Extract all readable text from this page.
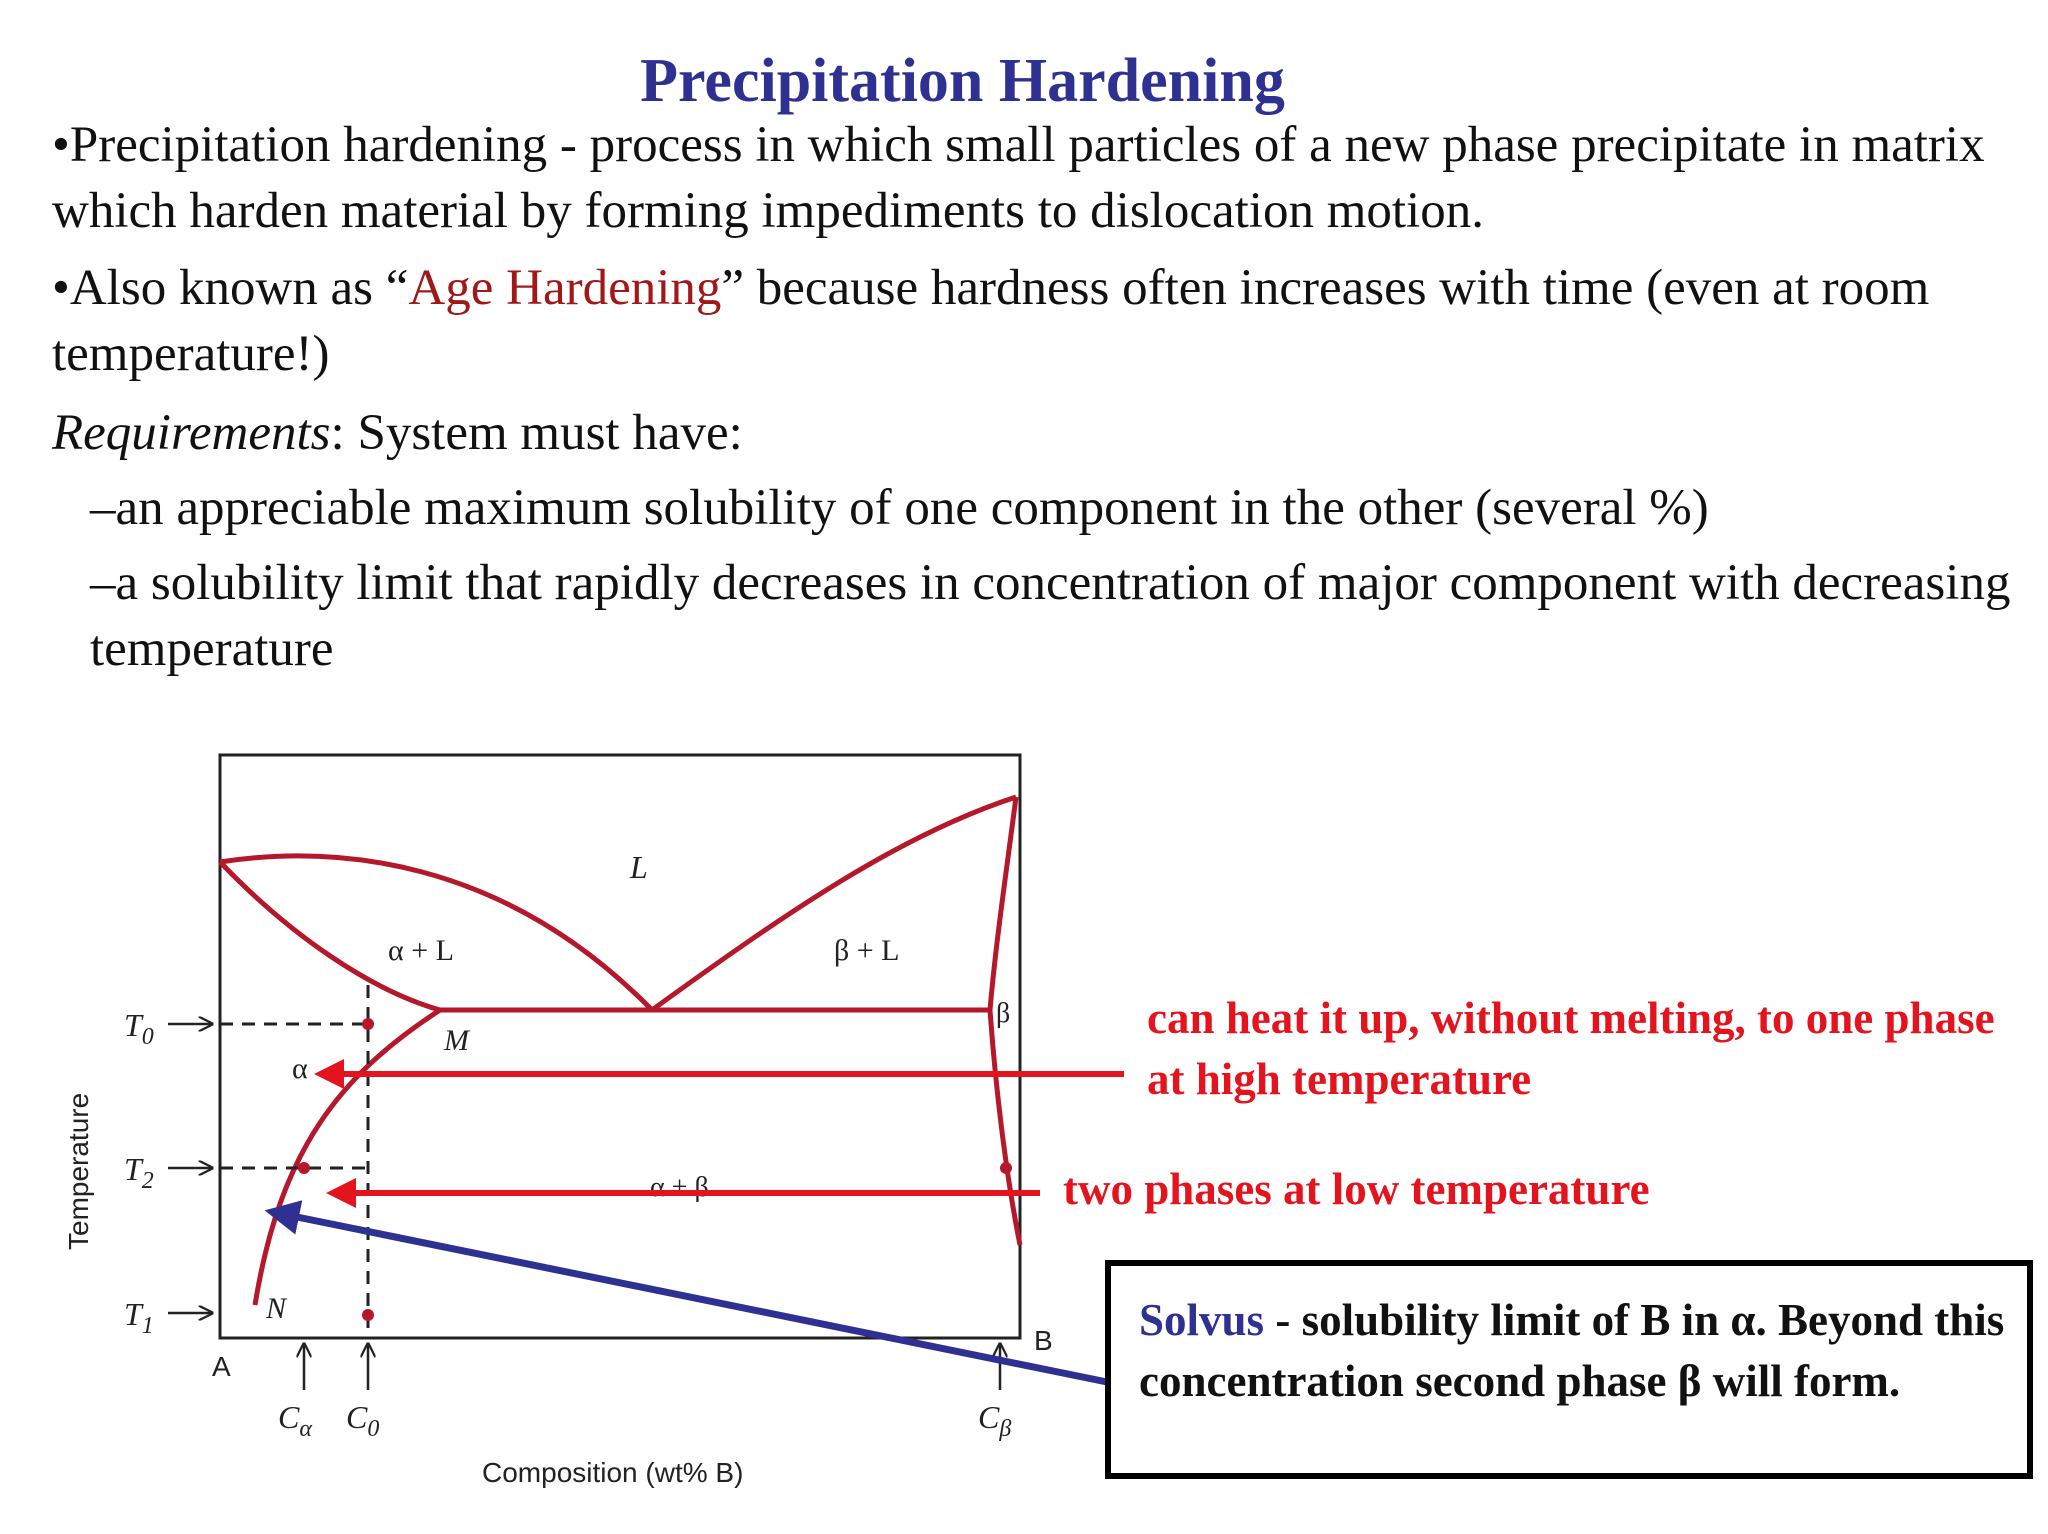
Precipitation Hardening

•Precipitation hardening - process in which small particles of a new phase precipitate in matrix which harden material by forming impediments to dislocation motion.

•Also known as “Age Hardening” because hardness often increases with time (even at room temperature!)

Requirements: System must have:

–an appreciable maximum solubility of one component in the other (several %)

–a solubility limit that rapidly decreases in concentration of major component with decreasing temperature

$T_0$
$T_2$
$T_1$
$C_\alpha$ $C_0$	$C_\beta$
A
B
L
α + L	β + L
α
β
α + β
M
N
Temperature
Composition (wt% B)
can heat it up, without melting, to one phase at high temperature
two phases at low temperature
Solvus - solubility limit of B in α. Beyond this concentration second phase β will form.
